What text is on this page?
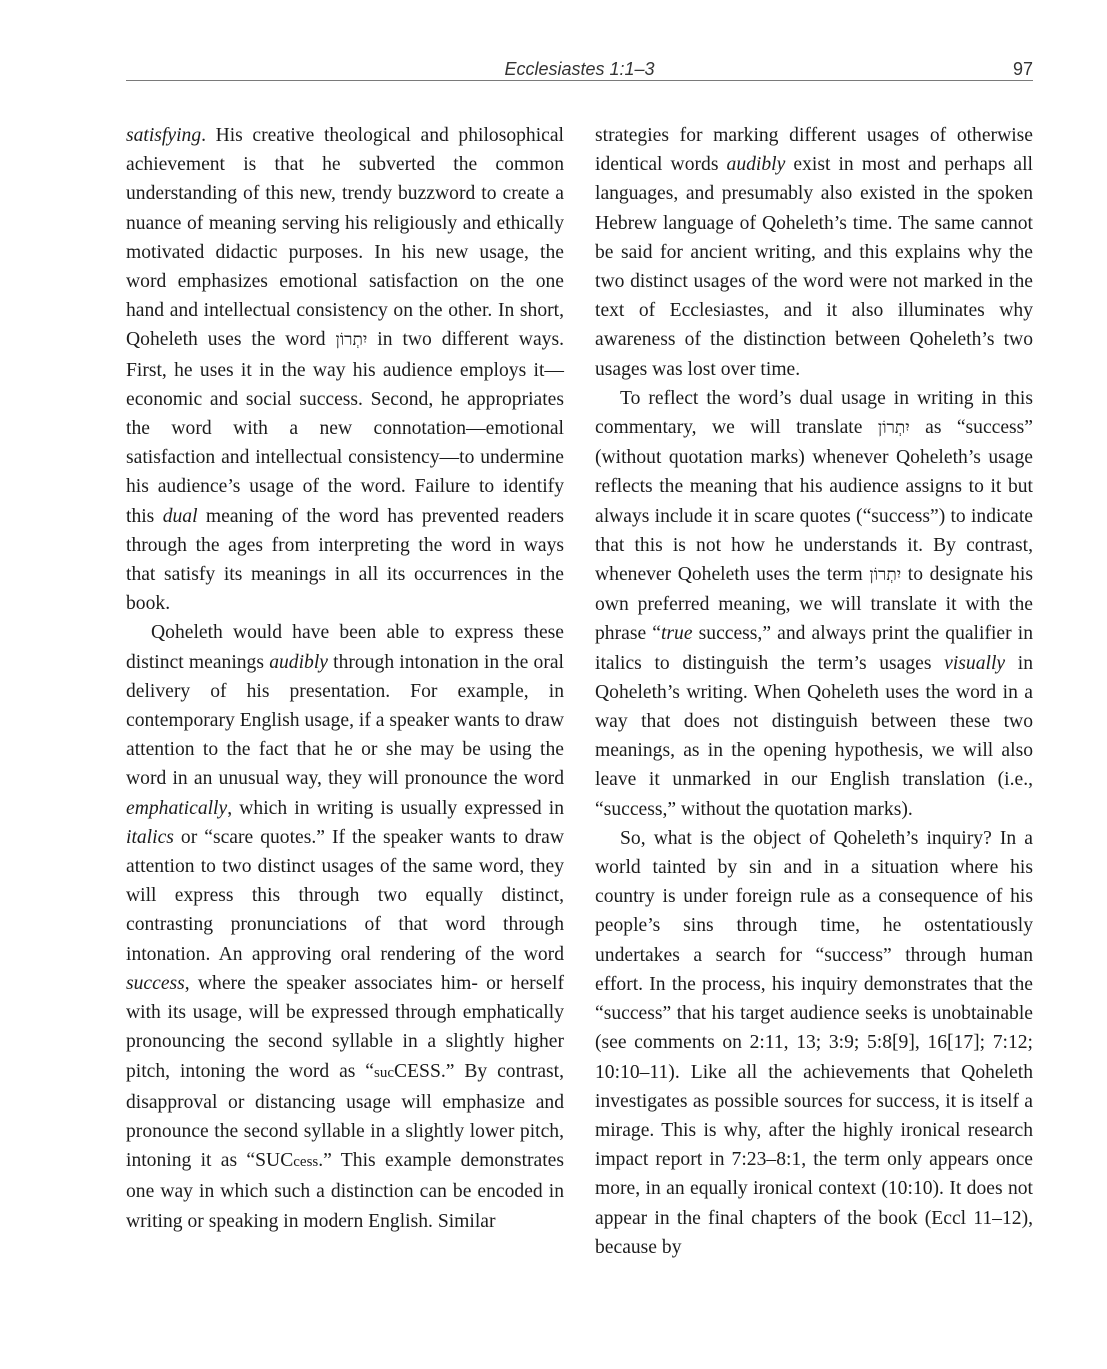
Ecclesiastes 1:1–3	97

satisfying. His creative theological and philosophical achievement is that he subverted the common understanding of this new, trendy buzzword to create a nuance of meaning serving his religiously and ethically motivated didactic purposes. In his new usage, the word emphasizes emotional satisfaction on the one hand and intellectual consistency on the other. In short, Qoheleth uses the word יִתְרוֹן in two different ways. First, he uses it in the way his audience employs it—economic and social success. Second, he appropriates the word with a new connotation—emotional satisfaction and intellectual consistency—to undermine his audience’s usage of the word. Failure to identify this dual meaning of the word has prevented readers through the ages from interpreting the word in ways that satisfy its meanings in all its occurrences in the book.

Qoheleth would have been able to express these distinct meanings audibly through intonation in the oral delivery of his presentation. For example, in contemporary English usage, if a speaker wants to draw attention to the fact that he or she may be using the word in an unusual way, they will pronounce the word emphatically, which in writing is usually expressed in italics or “scare quotes.” If the speaker wants to draw attention to two distinct usages of the same word, they will express this through two equally distinct, contrasting pronunciations of that word through intonation. An approving oral rendering of the word success, where the speaker associates him- or herself with its usage, will be expressed through emphatically pronouncing the second syllable in a slightly higher pitch, intoning the word as “sucCESS.” By contrast, disapproval or distancing usage will emphasize and pronounce the second syllable in a slightly lower pitch, intoning it as “SUCcess.” This example demonstrates one way in which such a distinction can be encoded in writing or speaking in modern English. Similar

strategies for marking different usages of otherwise identical words audibly exist in most and perhaps all languages, and presumably also existed in the spoken Hebrew language of Qoheleth’s time. The same cannot be said for ancient writing, and this explains why the two distinct usages of the word were not marked in the text of Ecclesiastes, and it also illuminates why awareness of the distinction between Qoheleth’s two usages was lost over time.

To reflect the word’s dual usage in writing in this commentary, we will translate יִתְרוֹן as “success” (without quotation marks) whenever Qoheleth’s usage reflects the meaning that his audience assigns to it but always include it in scare quotes (“success”) to indicate that this is not how he understands it. By contrast, whenever Qoheleth uses the term יִתְרוֹן to designate his own preferred meaning, we will translate it with the phrase “true success,” and always print the qualifier in italics to distinguish the term’s usages visually in Qoheleth’s writing. When Qoheleth uses the word in a way that does not distinguish between these two meanings, as in the opening hypothesis, we will also leave it unmarked in our English translation (i.e., “success,” without the quotation marks).

So, what is the object of Qoheleth’s inquiry? In a world tainted by sin and in a situation where his country is under foreign rule as a consequence of his people’s sins through time, he ostentatiously undertakes a search for “success” through human effort. In the process, his inquiry demonstrates that the “success” that his target audience seeks is unobtainable (see comments on 2:11, 13; 3:9; 5:8[9], 16[17]; 7:12; 10:10–11). Like all the achievements that Qoheleth investigates as possible sources for success, it is itself a mirage. This is why, after the highly ironical research impact report in 7:23–8:1, the term only appears once more, in an equally ironical context (10:10). It does not appear in the final chapters of the book (Eccl 11–12), because by
